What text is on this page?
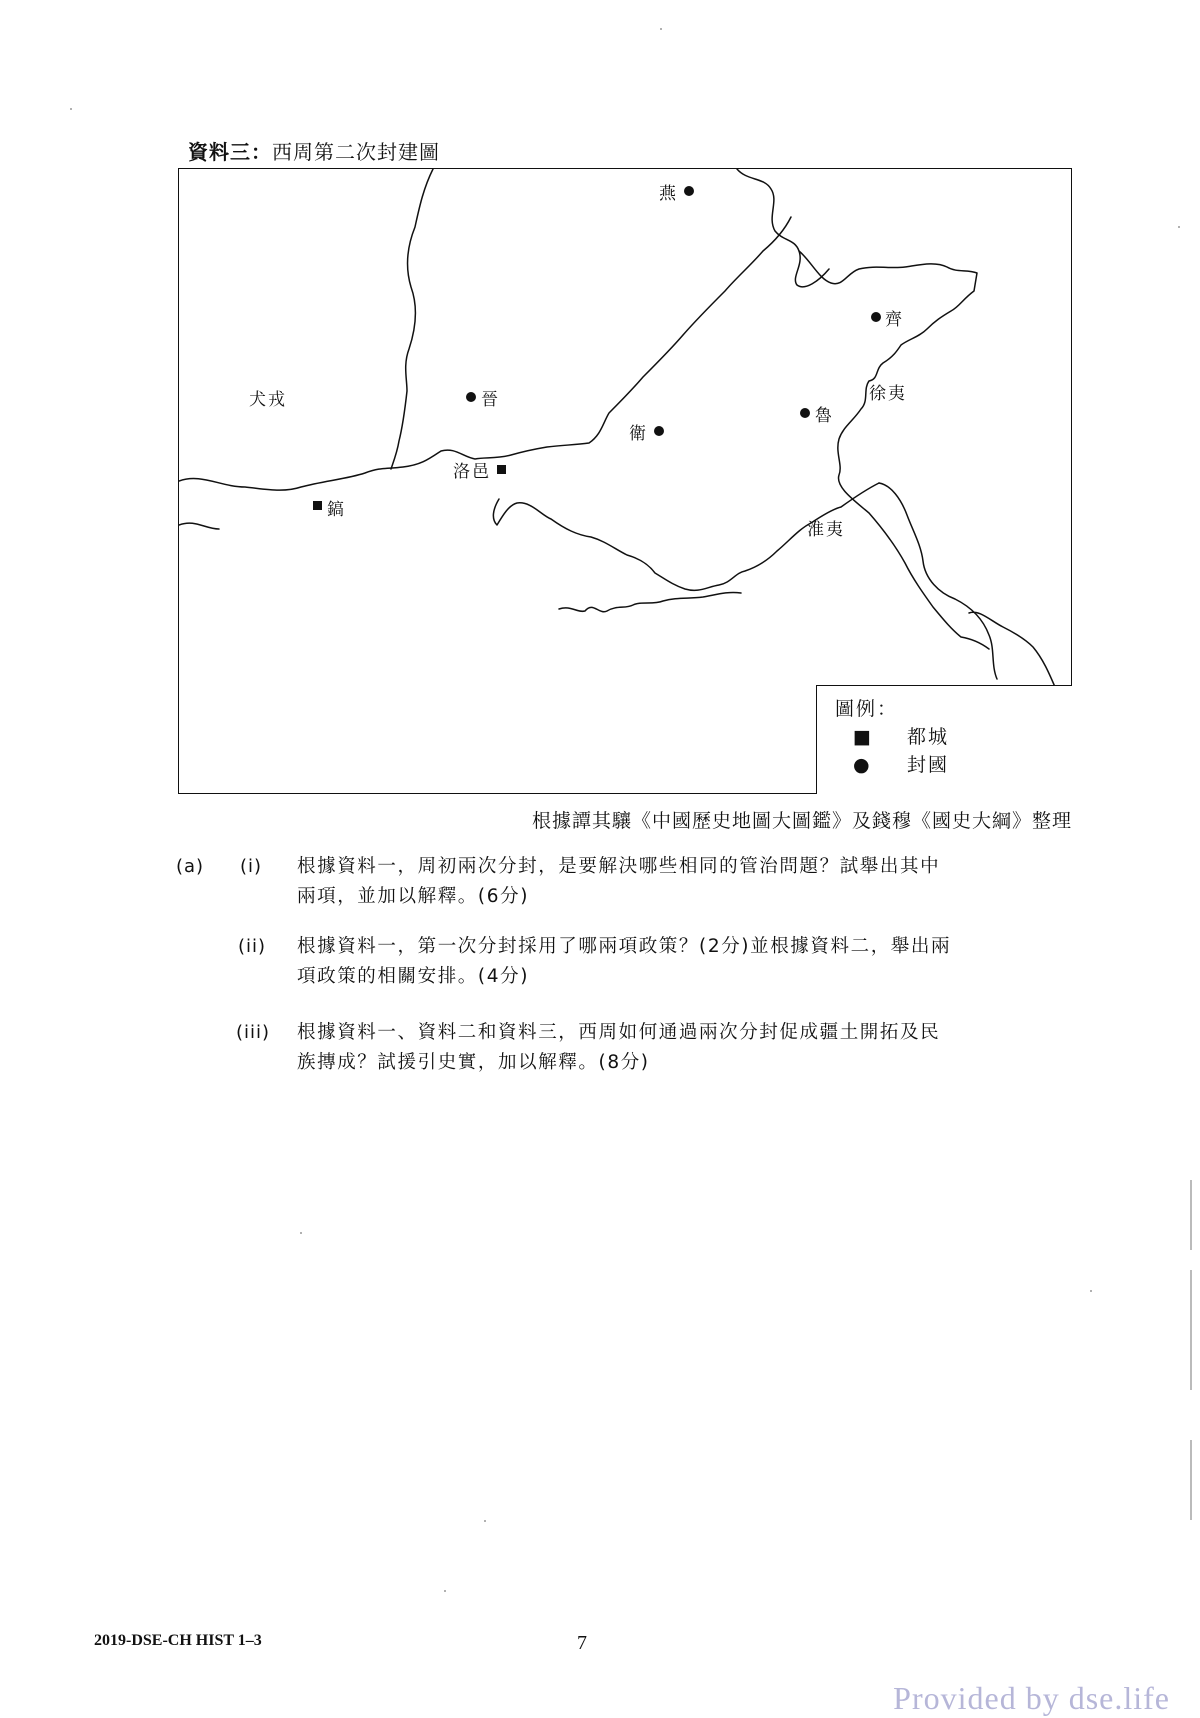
資料三：西周第二次封建圖
燕
齊
犬戎	晉
衛
魯
徐夷
洛邑
淮夷
鎬
圖例：
■ 都城
● 封國
根據譚其驤《中國歷史地圖大圖鑑》及錢穆《國史大綱》整理
(a) (i) 根據資料一，周初兩次分封，是要解決哪些相同的管治問題？試舉出其中
兩項，並加以解釋。(6分)
(ii) 根據資料一，第一次分封採用了哪兩項政策？(2分)並根據資料二，舉出兩
項政策的相關安排。(4分)
(iii) 根據資料一、資料二和資料三，西周如何通過兩次分封促成疆土開拓及民
族摶成？試援引史實，加以解釋。(8分)
2019-DSE-CH HIST 1–3	7
Provided by dse.life
